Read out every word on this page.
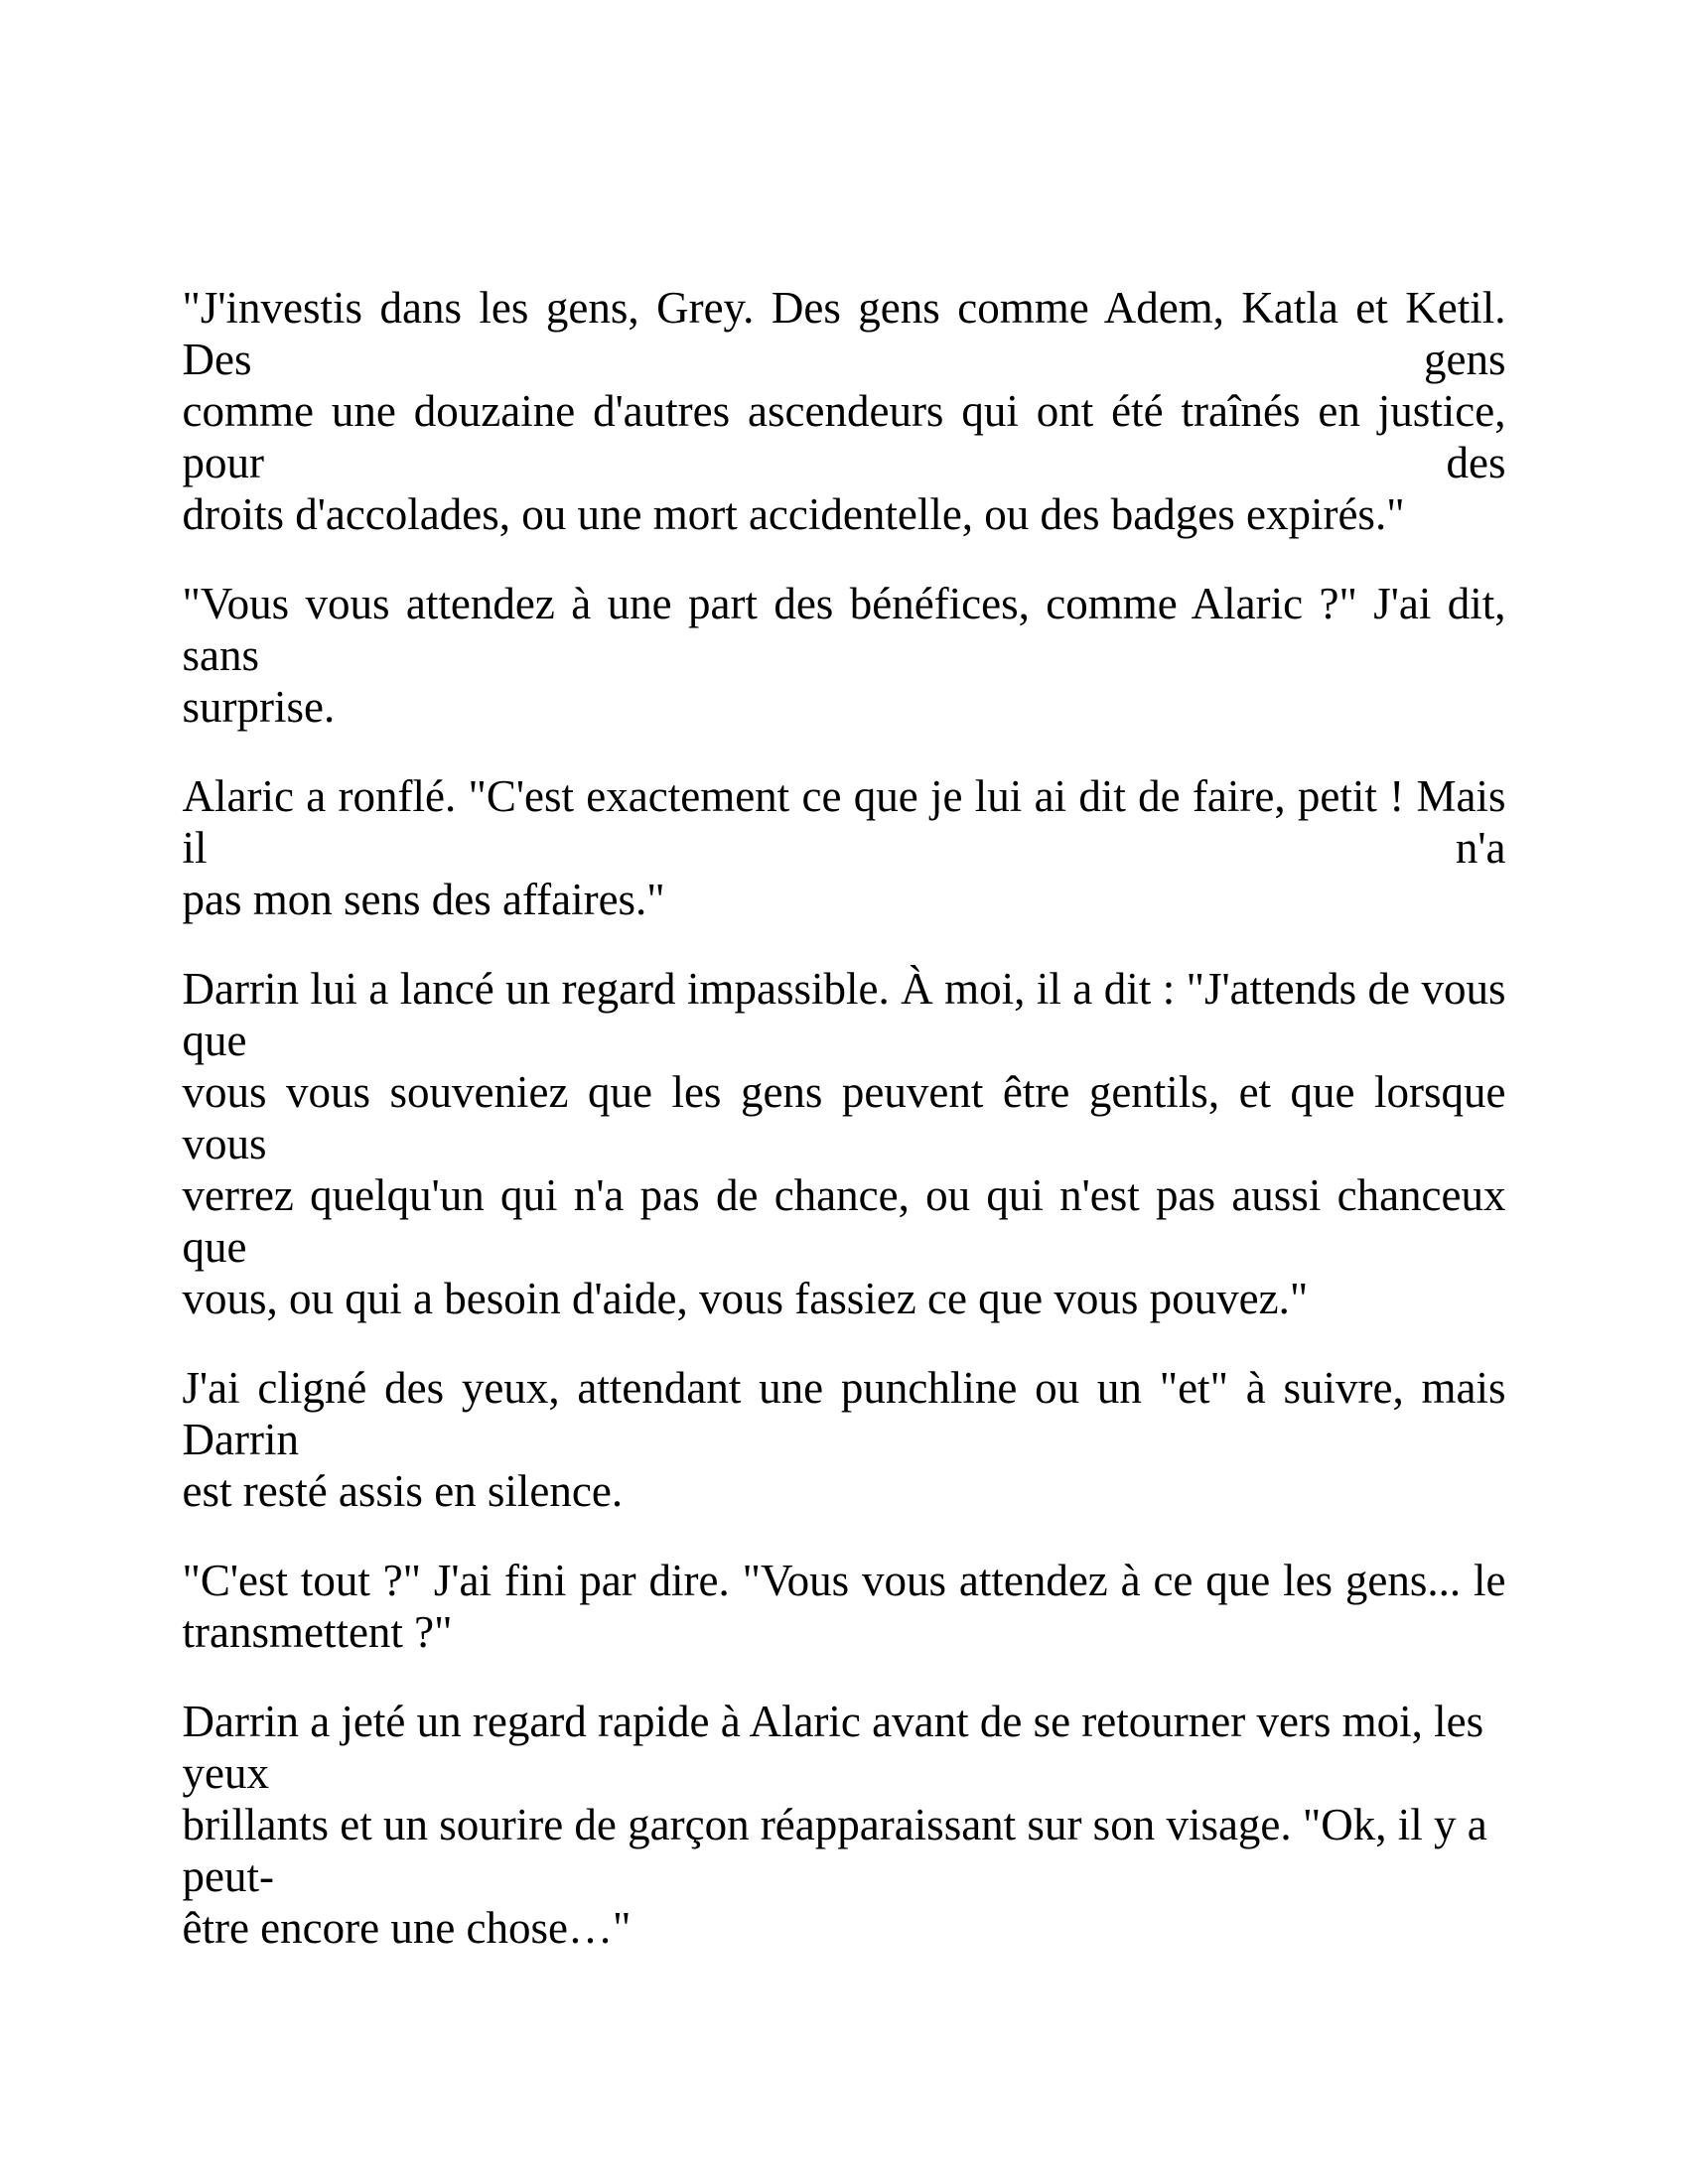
"J'investis dans les gens, Grey. Des gens comme Adem, Katla et Ketil. Des gens
comme une douzaine d'autres ascendeurs qui ont été traînés en justice, pour des
droits d'accolades, ou une mort accidentelle, ou des badges expirés."

"Vous vous attendez à une part des bénéfices, comme Alaric ?" J'ai dit, sans
surprise.

Alaric a ronflé. "C'est exactement ce que je lui ai dit de faire, petit ! Mais il n'a
pas mon sens des affaires."

Darrin lui a lancé un regard impassible. À moi, il a dit : "J'attends de vous que
vous vous souveniez que les gens peuvent être gentils, et que lorsque vous
verrez quelqu'un qui n'a pas de chance, ou qui n'est pas aussi chanceux que
vous, ou qui a besoin d'aide, vous fassiez ce que vous pouvez."

J'ai cligné des yeux, attendant une punchline ou un "et" à suivre, mais Darrin
est resté assis en silence.

"C'est tout ?" J'ai fini par dire. "Vous vous attendez à ce que les gens... le
transmettent ?"

Darrin a jeté un regard rapide à Alaric avant de se retourner vers moi, les yeux
brillants et un sourire de garçon réapparaissant sur son visage. "Ok, il y a peut-
être encore une chose…"
